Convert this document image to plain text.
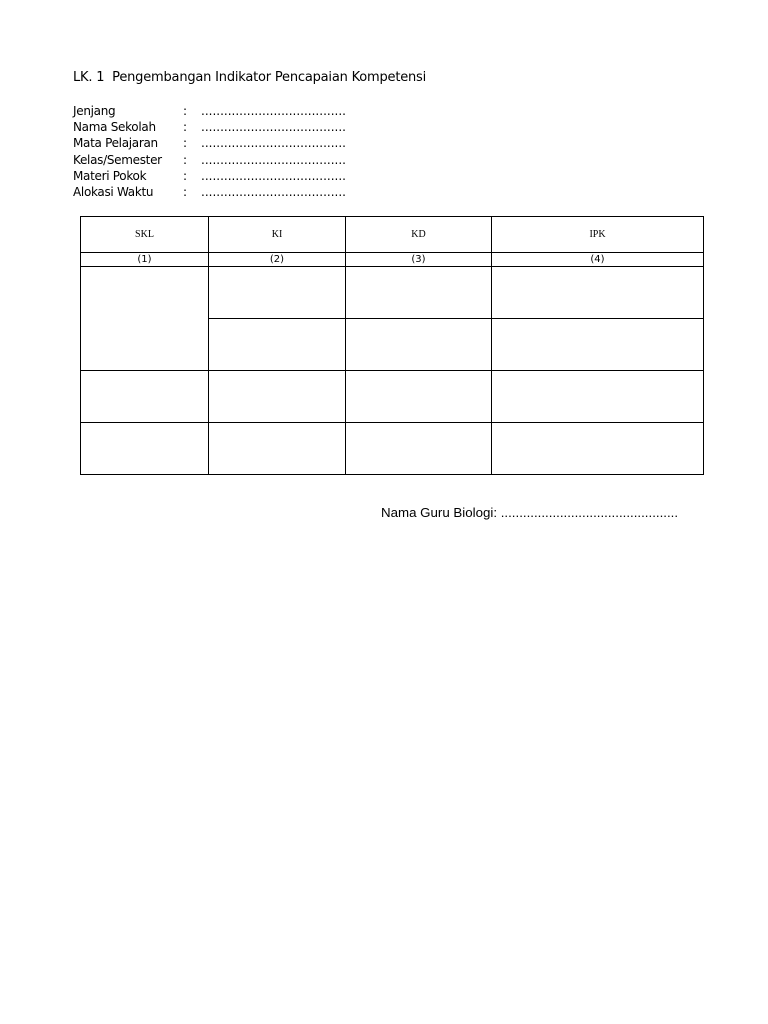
LK. 1  Pengembangan Indikator Pencapaian Kompetensi
Jenjang	:	......................................
Nama Sekolah	:	......................................
Mata Pelajaran	:	......................................
Kelas/Semester	:	......................................
Materi Pokok	:	......................................
Alokasi Waktu	:	......................................
SKL	KI	KD	IPK
(1)	(2)	(3)	(4)

Nama Guru Biologi: ................................................
